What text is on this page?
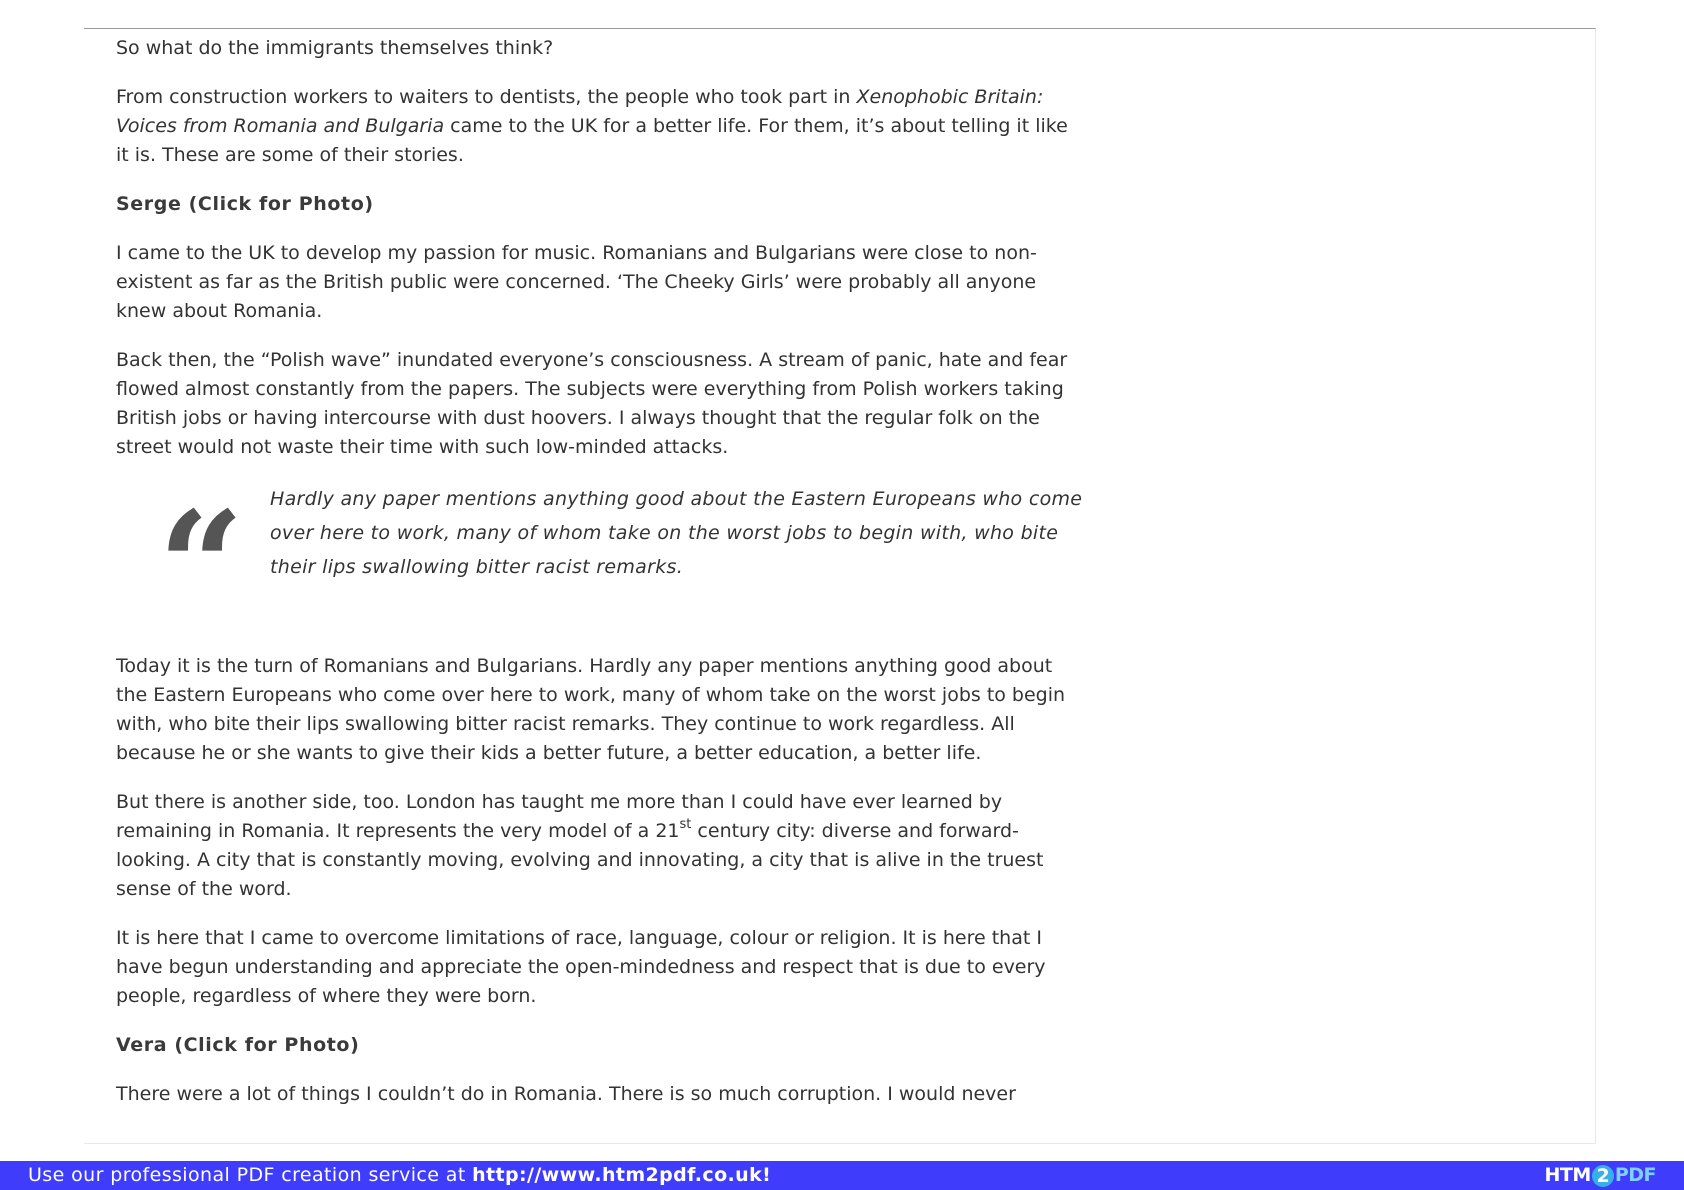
So what do the immigrants themselves think?

From construction workers to waiters to dentists, the people who took part in Xenophobic Britain: Voices from Romania and Bulgaria came to the UK for a better life. For them, it’s about telling it like it is. These are some of their stories.

Serge (Click for Photo)

I came to the UK to develop my passion for music. Romanians and Bulgarians were close to non-existent as far as the British public were concerned. ‘The Cheeky Girls’ were probably all anyone knew about Romania.

Back then, the “Polish wave” inundated everyone’s consciousness. A stream of panic, hate and fear flowed almost constantly from the papers. The subjects were everything from Polish workers taking British jobs or having intercourse with dust hoovers. I always thought that the regular folk on the street would not waste their time with such low-minded attacks.

“ Hardly any paper mentions anything good about the Eastern Europeans who come over here to work, many of whom take on the worst jobs to begin with, who bite their lips swallowing bitter racist remarks.

Today it is the turn of Romanians and Bulgarians. Hardly any paper mentions anything good about the Eastern Europeans who come over here to work, many of whom take on the worst jobs to begin with, who bite their lips swallowing bitter racist remarks. They continue to work regardless. All because he or she wants to give their kids a better future, a better education, a better life.

But there is another side, too. London has taught me more than I could have ever learned by remaining in Romania. It represents the very model of a 21st century city: diverse and forward-looking. A city that is constantly moving, evolving and innovating, a city that is alive in the truest sense of the word.

It is here that I came to overcome limitations of race, language, colour or religion. It is here that I have begun understanding and appreciate the open-mindedness and respect that is due to every people, regardless of where they were born.

Vera (Click for Photo)

There were a lot of things I couldn’t do in Romania. There is so much corruption. I would never

Use our professional PDF creation service at http://www.htm2pdf.co.uk!	HTM 2 PDF
